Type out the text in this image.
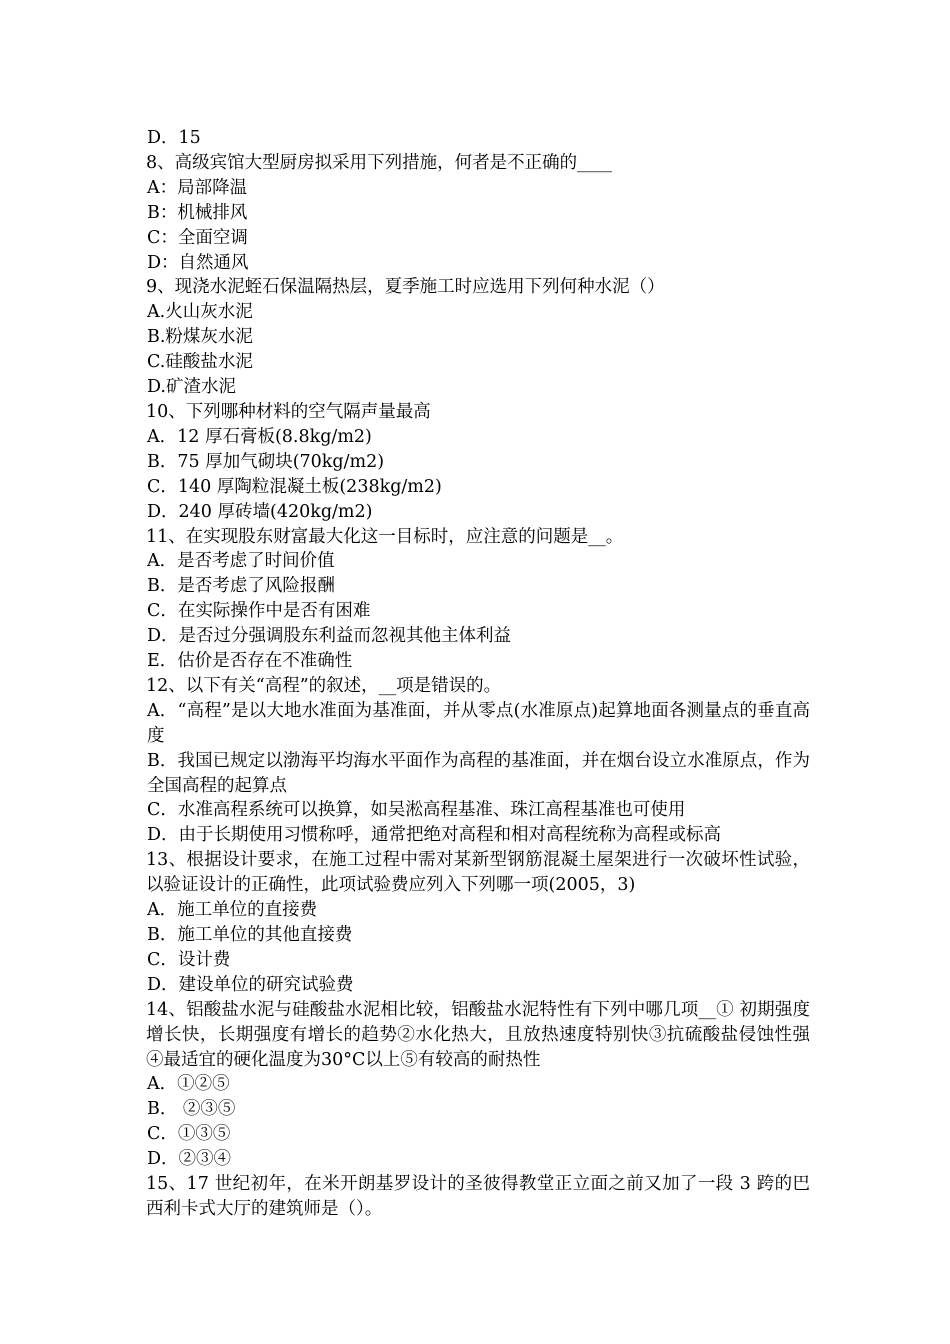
D．15
8、高级宾馆大型厨房拟采用下列措施，何者是不正确的____
A：局部降温
B：机械排风
C：全面空调
D：自然通风
9、现浇水泥蛭石保温隔热层，夏季施工时应选用下列何种水泥（）
A.火山灰水泥
B.粉煤灰水泥
C.硅酸盐水泥
D.矿渣水泥
10、下列哪种材料的空气隔声量最高
A．12 厚石膏板(8.8kg/m2)
B．75 厚加气砌块(70kg/m2)
C．140 厚陶粒混凝土板(238kg/m2)
D．240 厚砖墙(420kg/m2)
11、在实现股东财富最大化这一目标时，应注意的问题是__。
A．是否考虑了时间价值
B．是否考虑了风险报酬
C．在实际操作中是否有困难
D．是否过分强调股东利益而忽视其他主体利益
E．估价是否存在不准确性
12、以下有关“高程”的叙述，__项是错误的。
A．“高程”是以大地水准面为基准面，并从零点(水准原点)起算地面各测量点的垂直高度
B．我国已规定以渤海平均海水平面作为高程的基准面，并在烟台设立水准原点，作为全国高程的起算点
C．水准高程系统可以换算，如吴淞高程基准、珠江高程基准也可使用
D．由于长期使用习惯称呼，通常把绝对高程和相对高程统称为高程或标高
13、根据设计要求，在施工过程中需对某新型钢筋混凝土屋架进行一次破坏性试验，以验证设计的正确性，此项试验费应列入下列哪一项(2005，3)
A．施工单位的直接费
B．施工单位的其他直接费
C．设计费
D．建设单位的研究试验费
14、铝酸盐水泥与硅酸盐水泥相比较，铝酸盐水泥特性有下列中哪几项__① 初期强度增长快，长期强度有增长的趋势②水化热大，且放热速度特别快③抗硫酸盐侵蚀性强④最适宜的硬化温度为30°C以上⑤有较高的耐热性
A．①②⑤
B． ②③⑤
C．①③⑤
D．②③④
15、17 世纪初年，在米开朗基罗设计的圣彼得教堂正立面之前又加了一段 3 跨的巴西利卡式大厅的建筑师是（）。
